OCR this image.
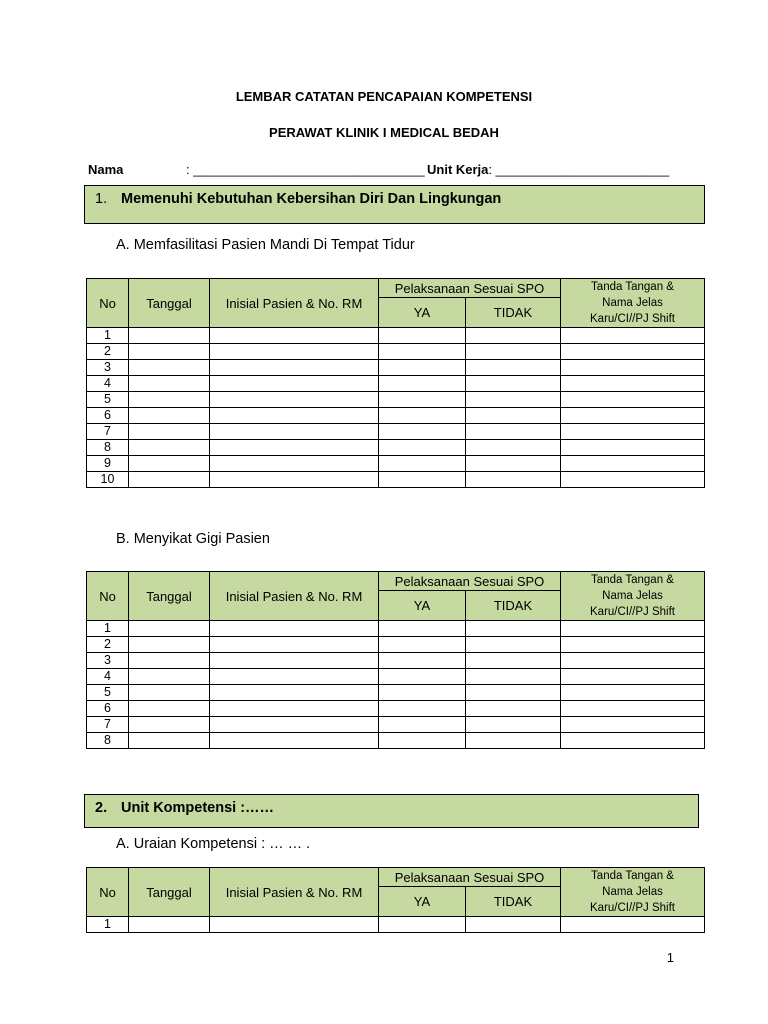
LEMBAR CATATAN PENCAPAIAN KOMPETENSI
PERAWAT KLINIK I MEDICAL BEDAH
Nama	: ________________________________ Unit Kerja: ________________________
1. Memenuhi Kebutuhan Kebersihan Diri Dan Lingkungan
A. Memfasilitasi Pasien Mandi Di Tempat Tidur
No	Tanggal	Inisial Pasien & No. RM	Pelaksanaan Sesuai SPO		Tanda Tangan &
Nama Jelas
Karu/CI//PJ Shift

			YA	TIDAK	
1					
2					
3					
4					
5					
6					
7					
8					
9					
10					
B. Menyikat Gigi Pasien
No	Tanggal	Inisial Pasien & No. RM	Pelaksanaan Sesuai SPO		Tanda Tangan &
Nama Jelas
Karu/CI//PJ Shift

			YA	TIDAK	
1					
2					
3					
4					
5					
6					
7					
8					
2. Unit Kompetensi :……
A. Uraian Kompetensi : … … .
No	Tanggal	Inisial Pasien & No. RM	Pelaksanaan Sesuai SPO		Tanda Tangan &
Nama Jelas
Karu/CI//PJ Shift

			YA	TIDAK	
1					
1
